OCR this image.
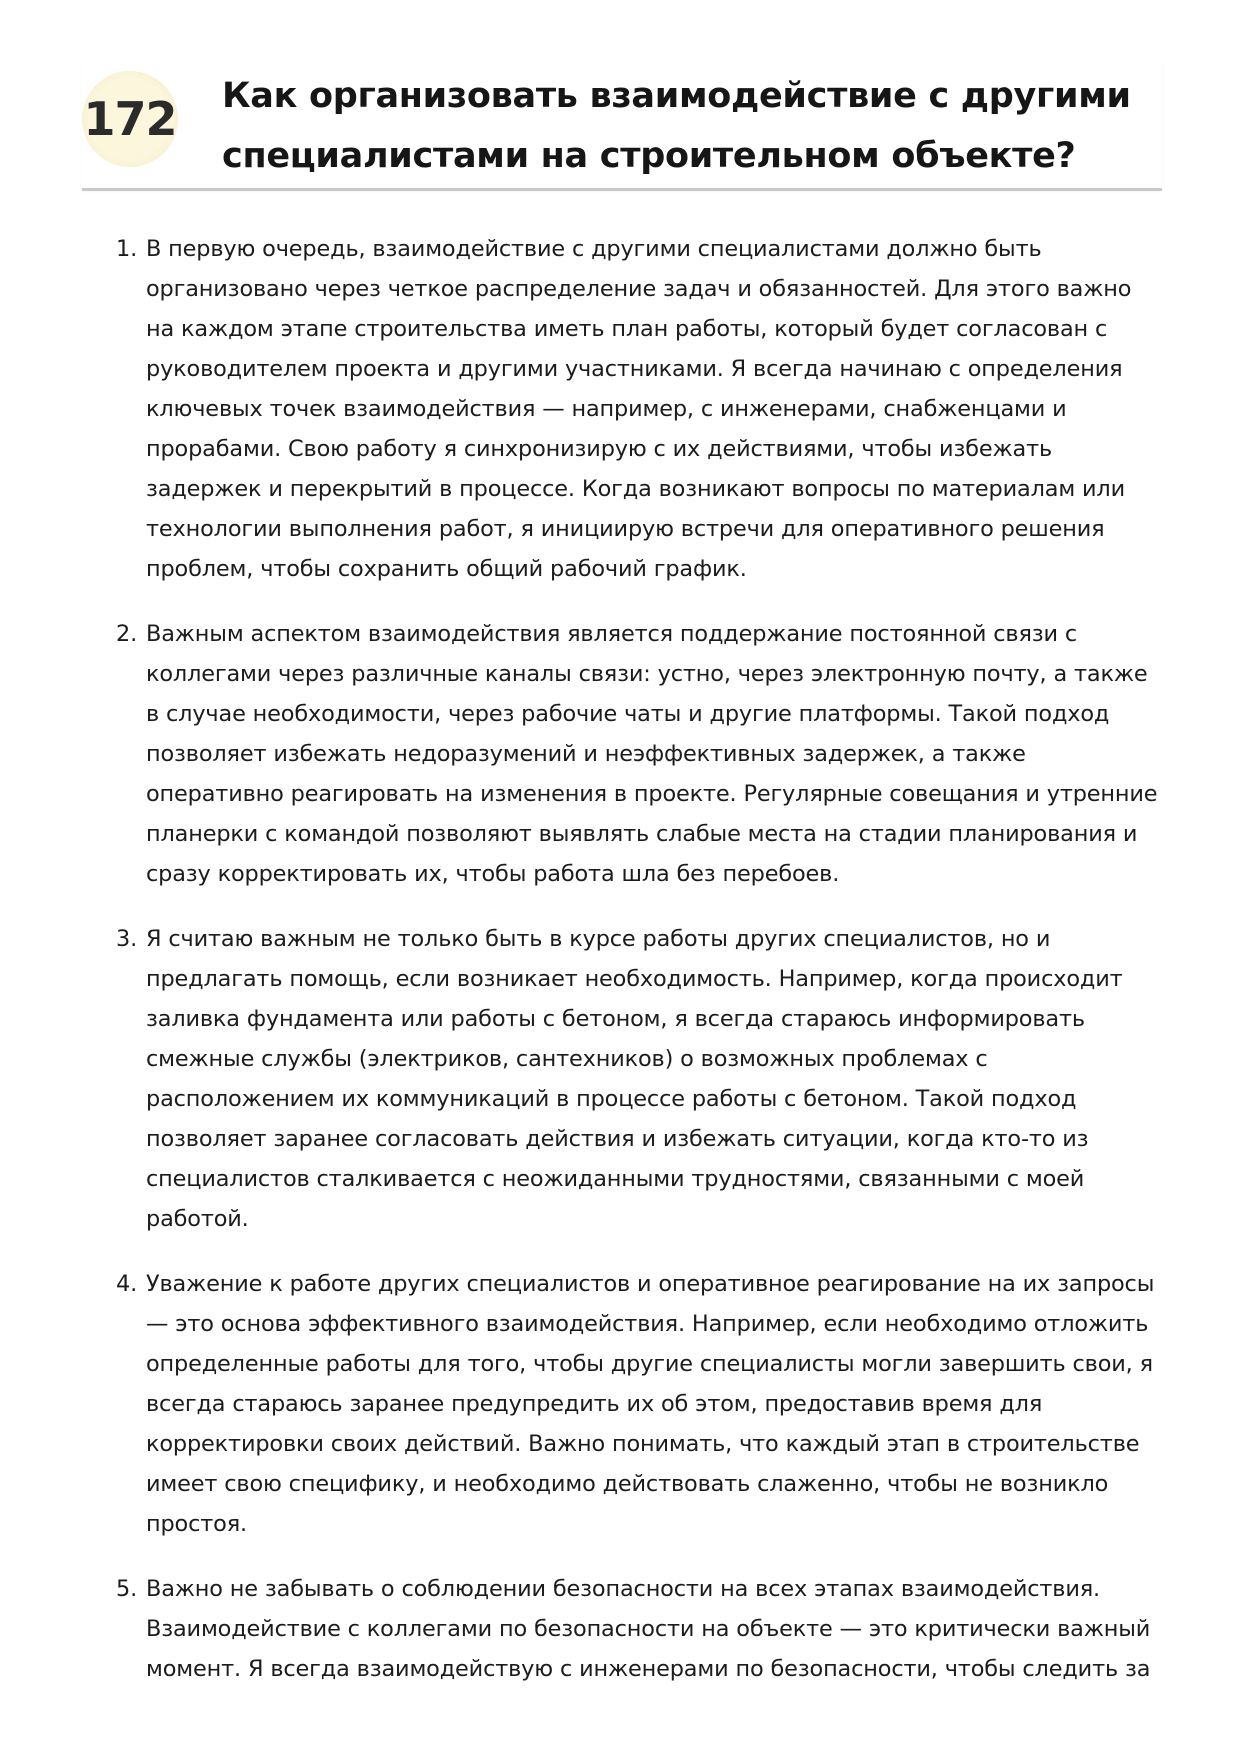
172 Как организовать взаимодействие с другими специалистами на строительном объекте?
1. В первую очередь, взаимодействие с другими специалистами должно быть организовано через четкое распределение задач и обязанностей. Для этого важно на каждом этапе строительства иметь план работы, который будет согласован с руководителем проекта и другими участниками. Я всегда начинаю с определения ключевых точек взаимодействия — например, с инженерами, снабженцами и прорабами. Свою работу я синхронизирую с их действиями, чтобы избежать задержек и перекрытий в процессе. Когда возникают вопросы по материалам или технологии выполнения работ, я инициирую встречи для оперативного решения проблем, чтобы сохранить общий рабочий график.
2. Важным аспектом взаимодействия является поддержание постоянной связи с коллегами через различные каналы связи: устно, через электронную почту, а также в случае необходимости, через рабочие чаты и другие платформы. Такой подход позволяет избежать недоразумений и неэффективных задержек, а также оперативно реагировать на изменения в проекте. Регулярные совещания и утренние планерки с командой позволяют выявлять слабые места на стадии планирования и сразу корректировать их, чтобы работа шла без перебоев.
3. Я считаю важным не только быть в курсе работы других специалистов, но и предлагать помощь, если возникает необходимость. Например, когда происходит заливка фундамента или работы с бетоном, я всегда стараюсь информировать смежные службы (электриков, сантехников) о возможных проблемах с расположением их коммуникаций в процессе работы с бетоном. Такой подход позволяет заранее согласовать действия и избежать ситуации, когда кто-то из специалистов сталкивается с неожиданными трудностями, связанными с моей работой.
4. Уважение к работе других специалистов и оперативное реагирование на их запросы — это основа эффективного взаимодействия. Например, если необходимо отложить определенные работы для того, чтобы другие специалисты могли завершить свои, я всегда стараюсь заранее предупредить их об этом, предоставив время для корректировки своих действий. Важно понимать, что каждый этап в строительстве имеет свою специфику, и необходимо действовать слаженно, чтобы не возникло простоя.
5. Важно не забывать о соблюдении безопасности на всех этапах взаимодействия. Взаимодействие с коллегами по безопасности на объекте — это критически важный момент. Я всегда взаимодействую с инженерами по безопасности, чтобы следить за
